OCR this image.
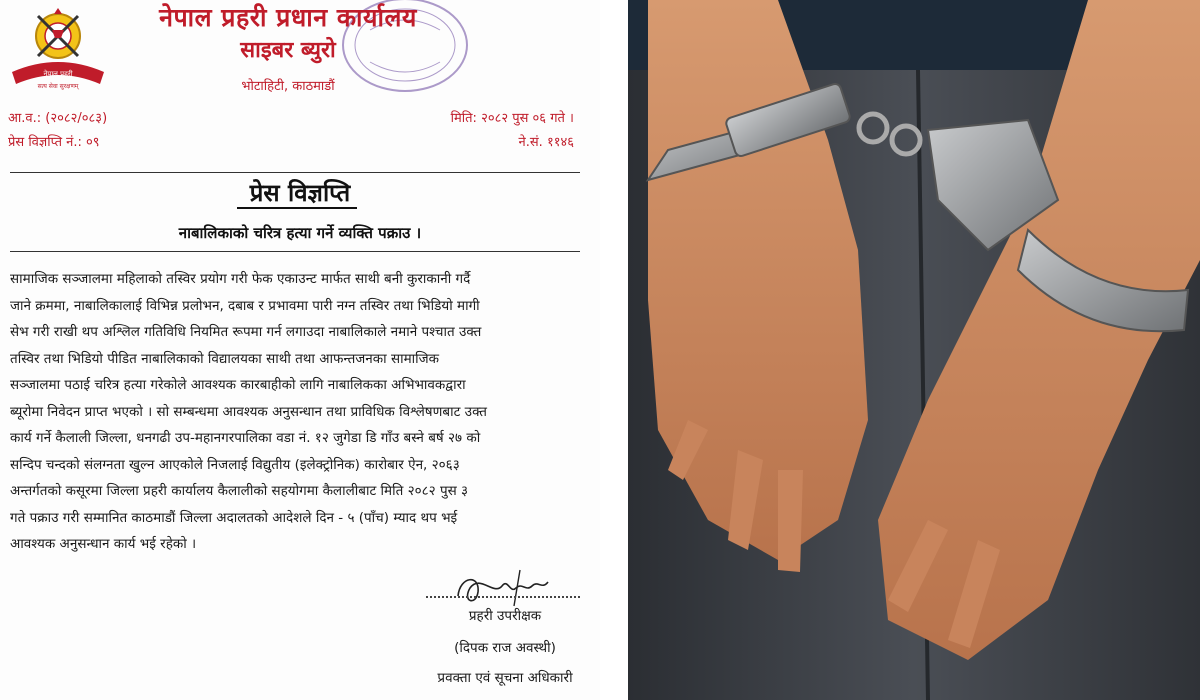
नेपाल प्रहरी
सत्य सेवा सुरक्षणम्
नेपाल प्रहरी प्रधान कार्यालय
साइबर ब्युरो
भोटाहिटी, काठमाडौं
आ.व.: (२०८२/०८३)
प्रेस विज्ञप्ति नं.: ०९
मिति: २०८२ पुस ०६ गते ।
ने.सं. ११४६
प्रेस विज्ञप्ति
नाबालिकाको चरित्र हत्या गर्ने व्यक्ति पक्राउ ।
सामाजिक सञ्जालमा महिलाको तस्विर प्रयोग गरी फेक एकाउन्ट मार्फत साथी बनी कुराकानी गर्दै
जाने क्रममा, नाबालिकालाई विभिन्न प्रलोभन, दबाब र प्रभावमा पारी नग्न तस्विर तथा भिडियो मागी
सेभ गरी राखी थप अश्लिल गतिविधि नियमित रूपमा गर्न लगाउदा नाबालिकाले नमाने पश्चात उक्त
तस्विर तथा भिडियो पीडित नाबालिकाको विद्यालयका साथी तथा आफन्तजनका सामाजिक
सञ्जालमा पठाई चरित्र हत्या गरेकोले आवश्यक कारबाहीको लागि नाबालिकका अभिभावकद्वारा
ब्यूरोमा निवेदन प्राप्त भएको । सो सम्बन्धमा आवश्यक अनुसन्धान तथा प्राविधिक विश्लेषणबाट उक्त
कार्य गर्ने कैलाली जिल्ला, धनगढी उप-महानगरपालिका वडा नं. १२ जुगेडा डि गाँउ बस्ने बर्ष २७ को
सन्दिप चन्दको संलग्नता खुल्न आएकोले निजलाई विद्युतीय (इलेक्ट्रोनिक) कारोबार ऐन, २०६३
अन्तर्गतको कसूरमा जिल्ला प्रहरी कार्यालय कैलालीको सहयोगमा कैलालीबाट मिति २०८२ पुस ३
गते पक्राउ गरी सम्मानित काठमाडौं जिल्ला अदालतको आदेशले दिन - ५ (पाँच) म्याद थप भई
आवश्यक अनुसन्धान कार्य भई रहेको ।
प्रहरी उपरीक्षक
(दिपक राज अवस्थी)
प्रवक्ता एवं सूचना अधिकारी
